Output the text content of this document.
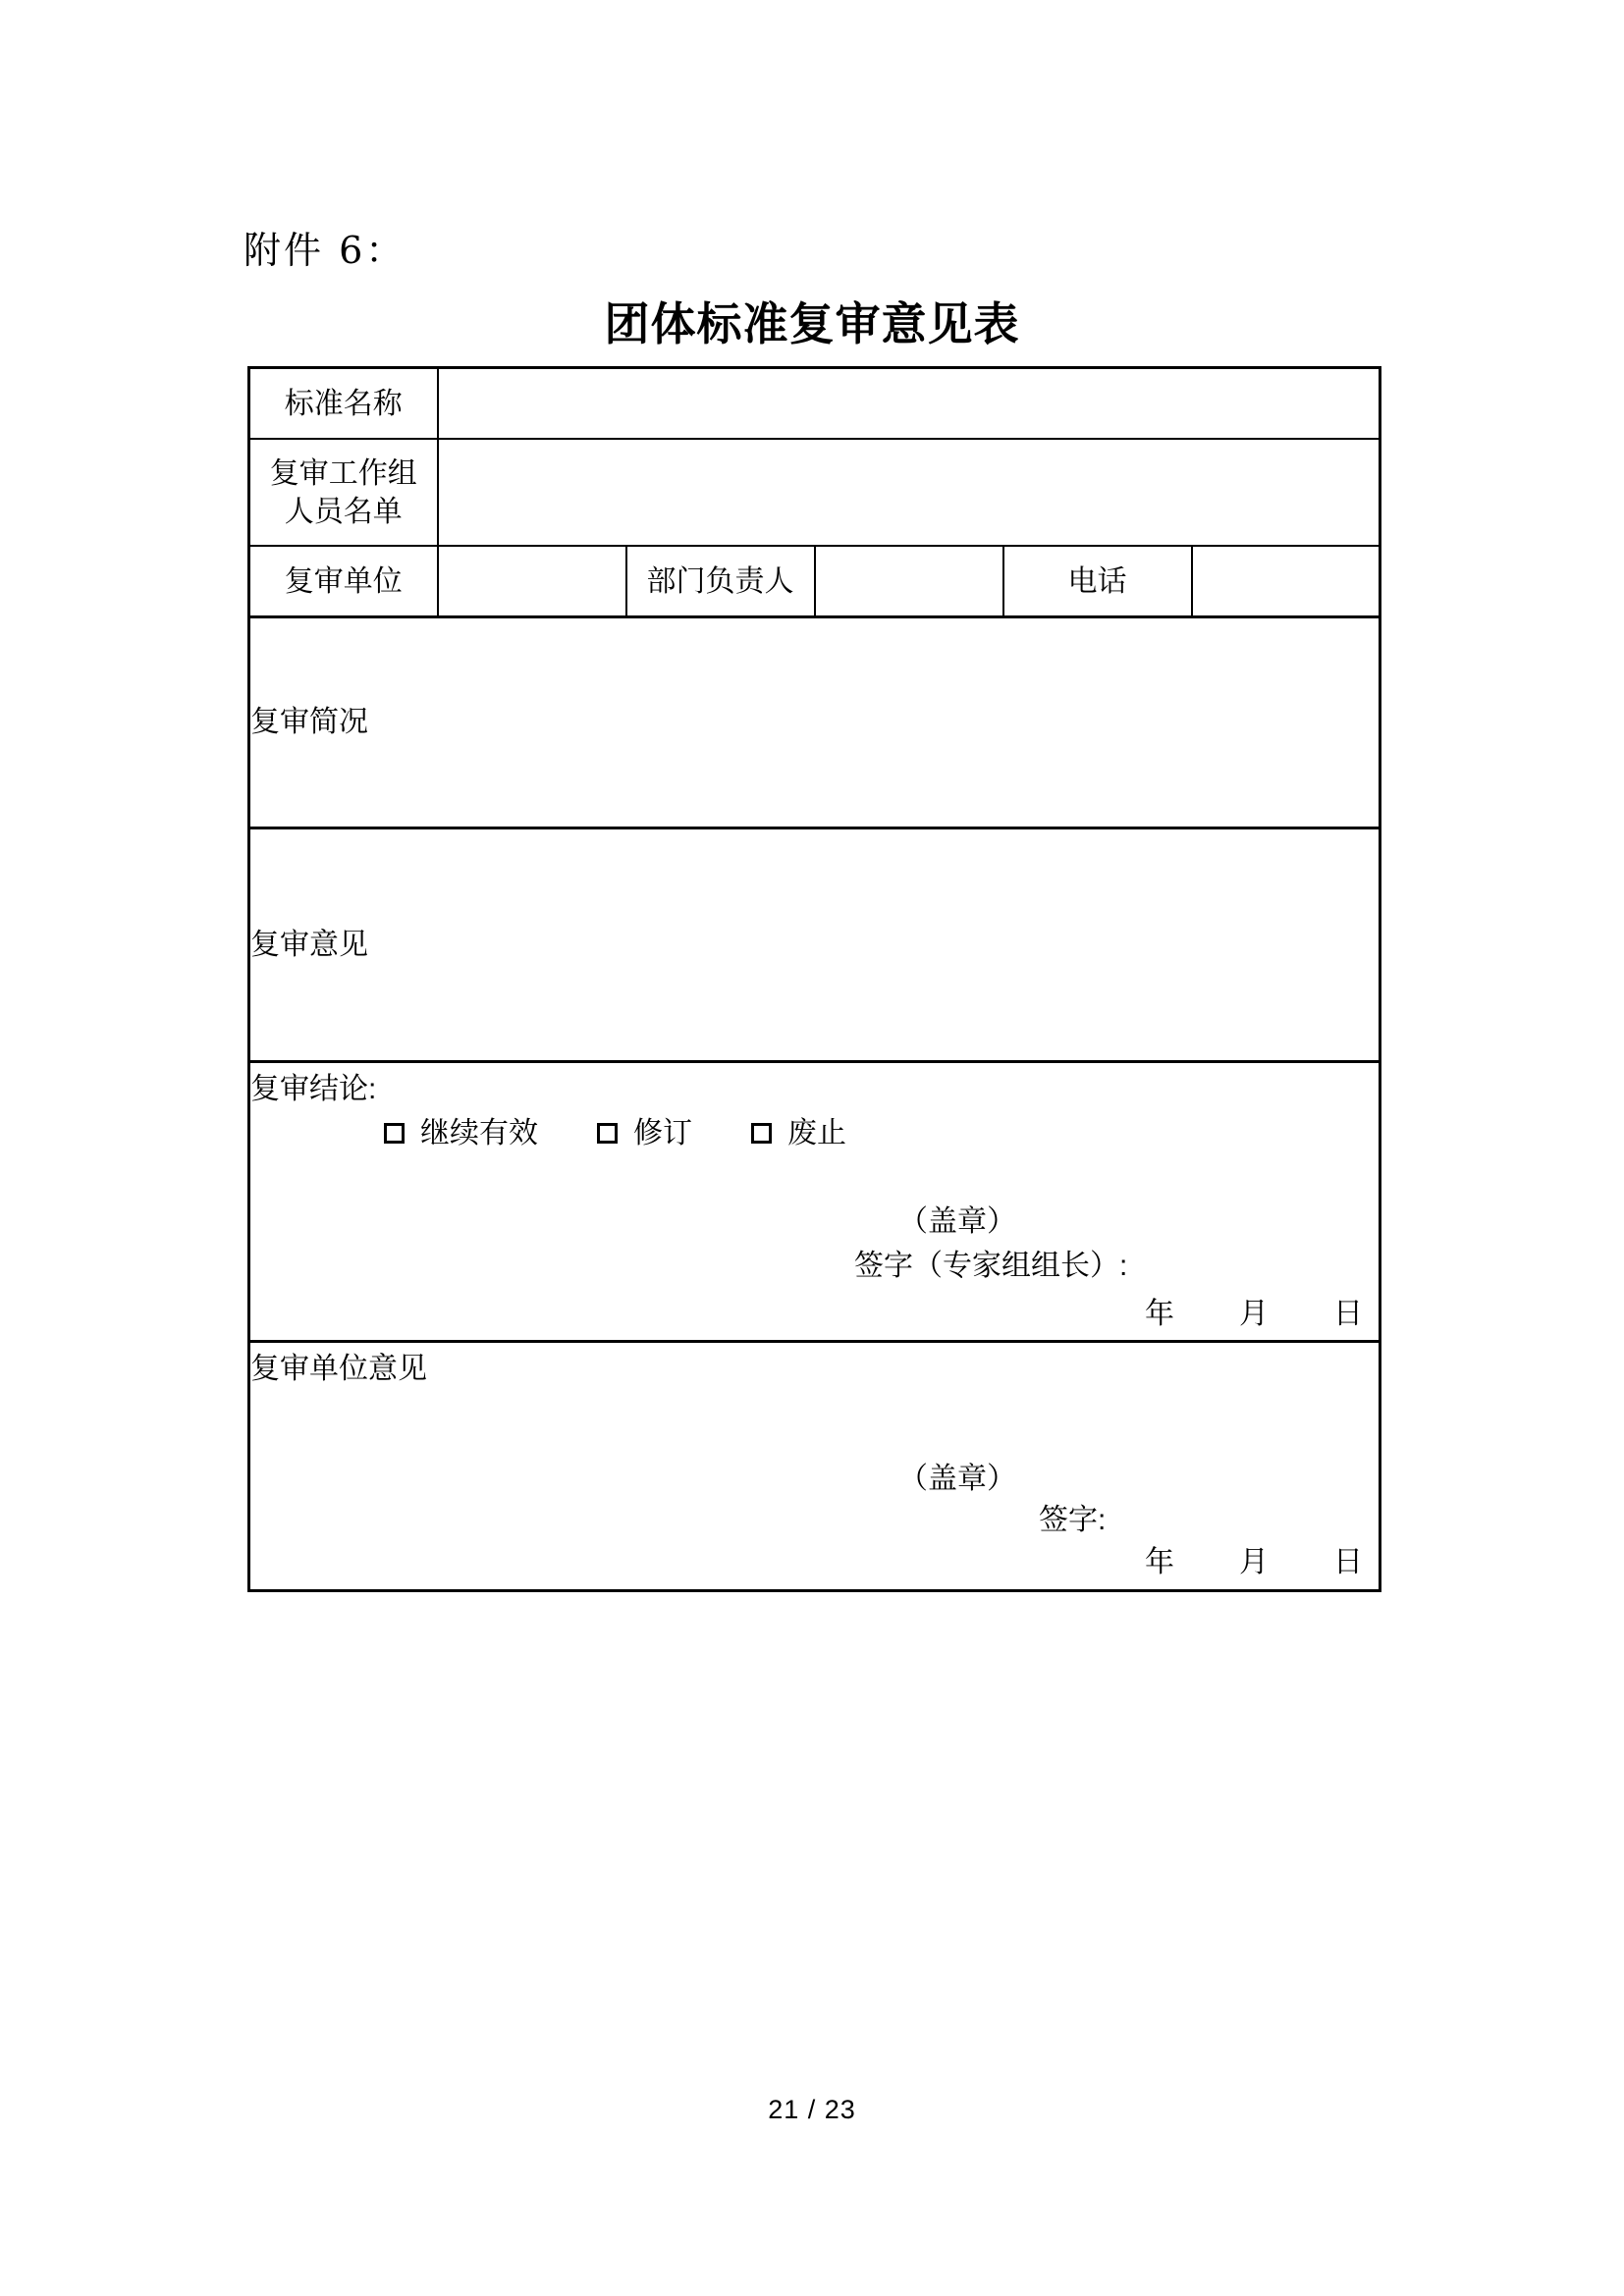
附件 6：
团体标准复审意见表
标准名称					

复审工作组
人员名单					

复审单位		部门负责人		电话	

复审简况					

复审意见					

复审结论:
继续有效	修订	废止
（盖章）
签字（专家组组长）:
年 月 日

复审单位意见
（盖章）
签字:
年 月 日
21 / 23
